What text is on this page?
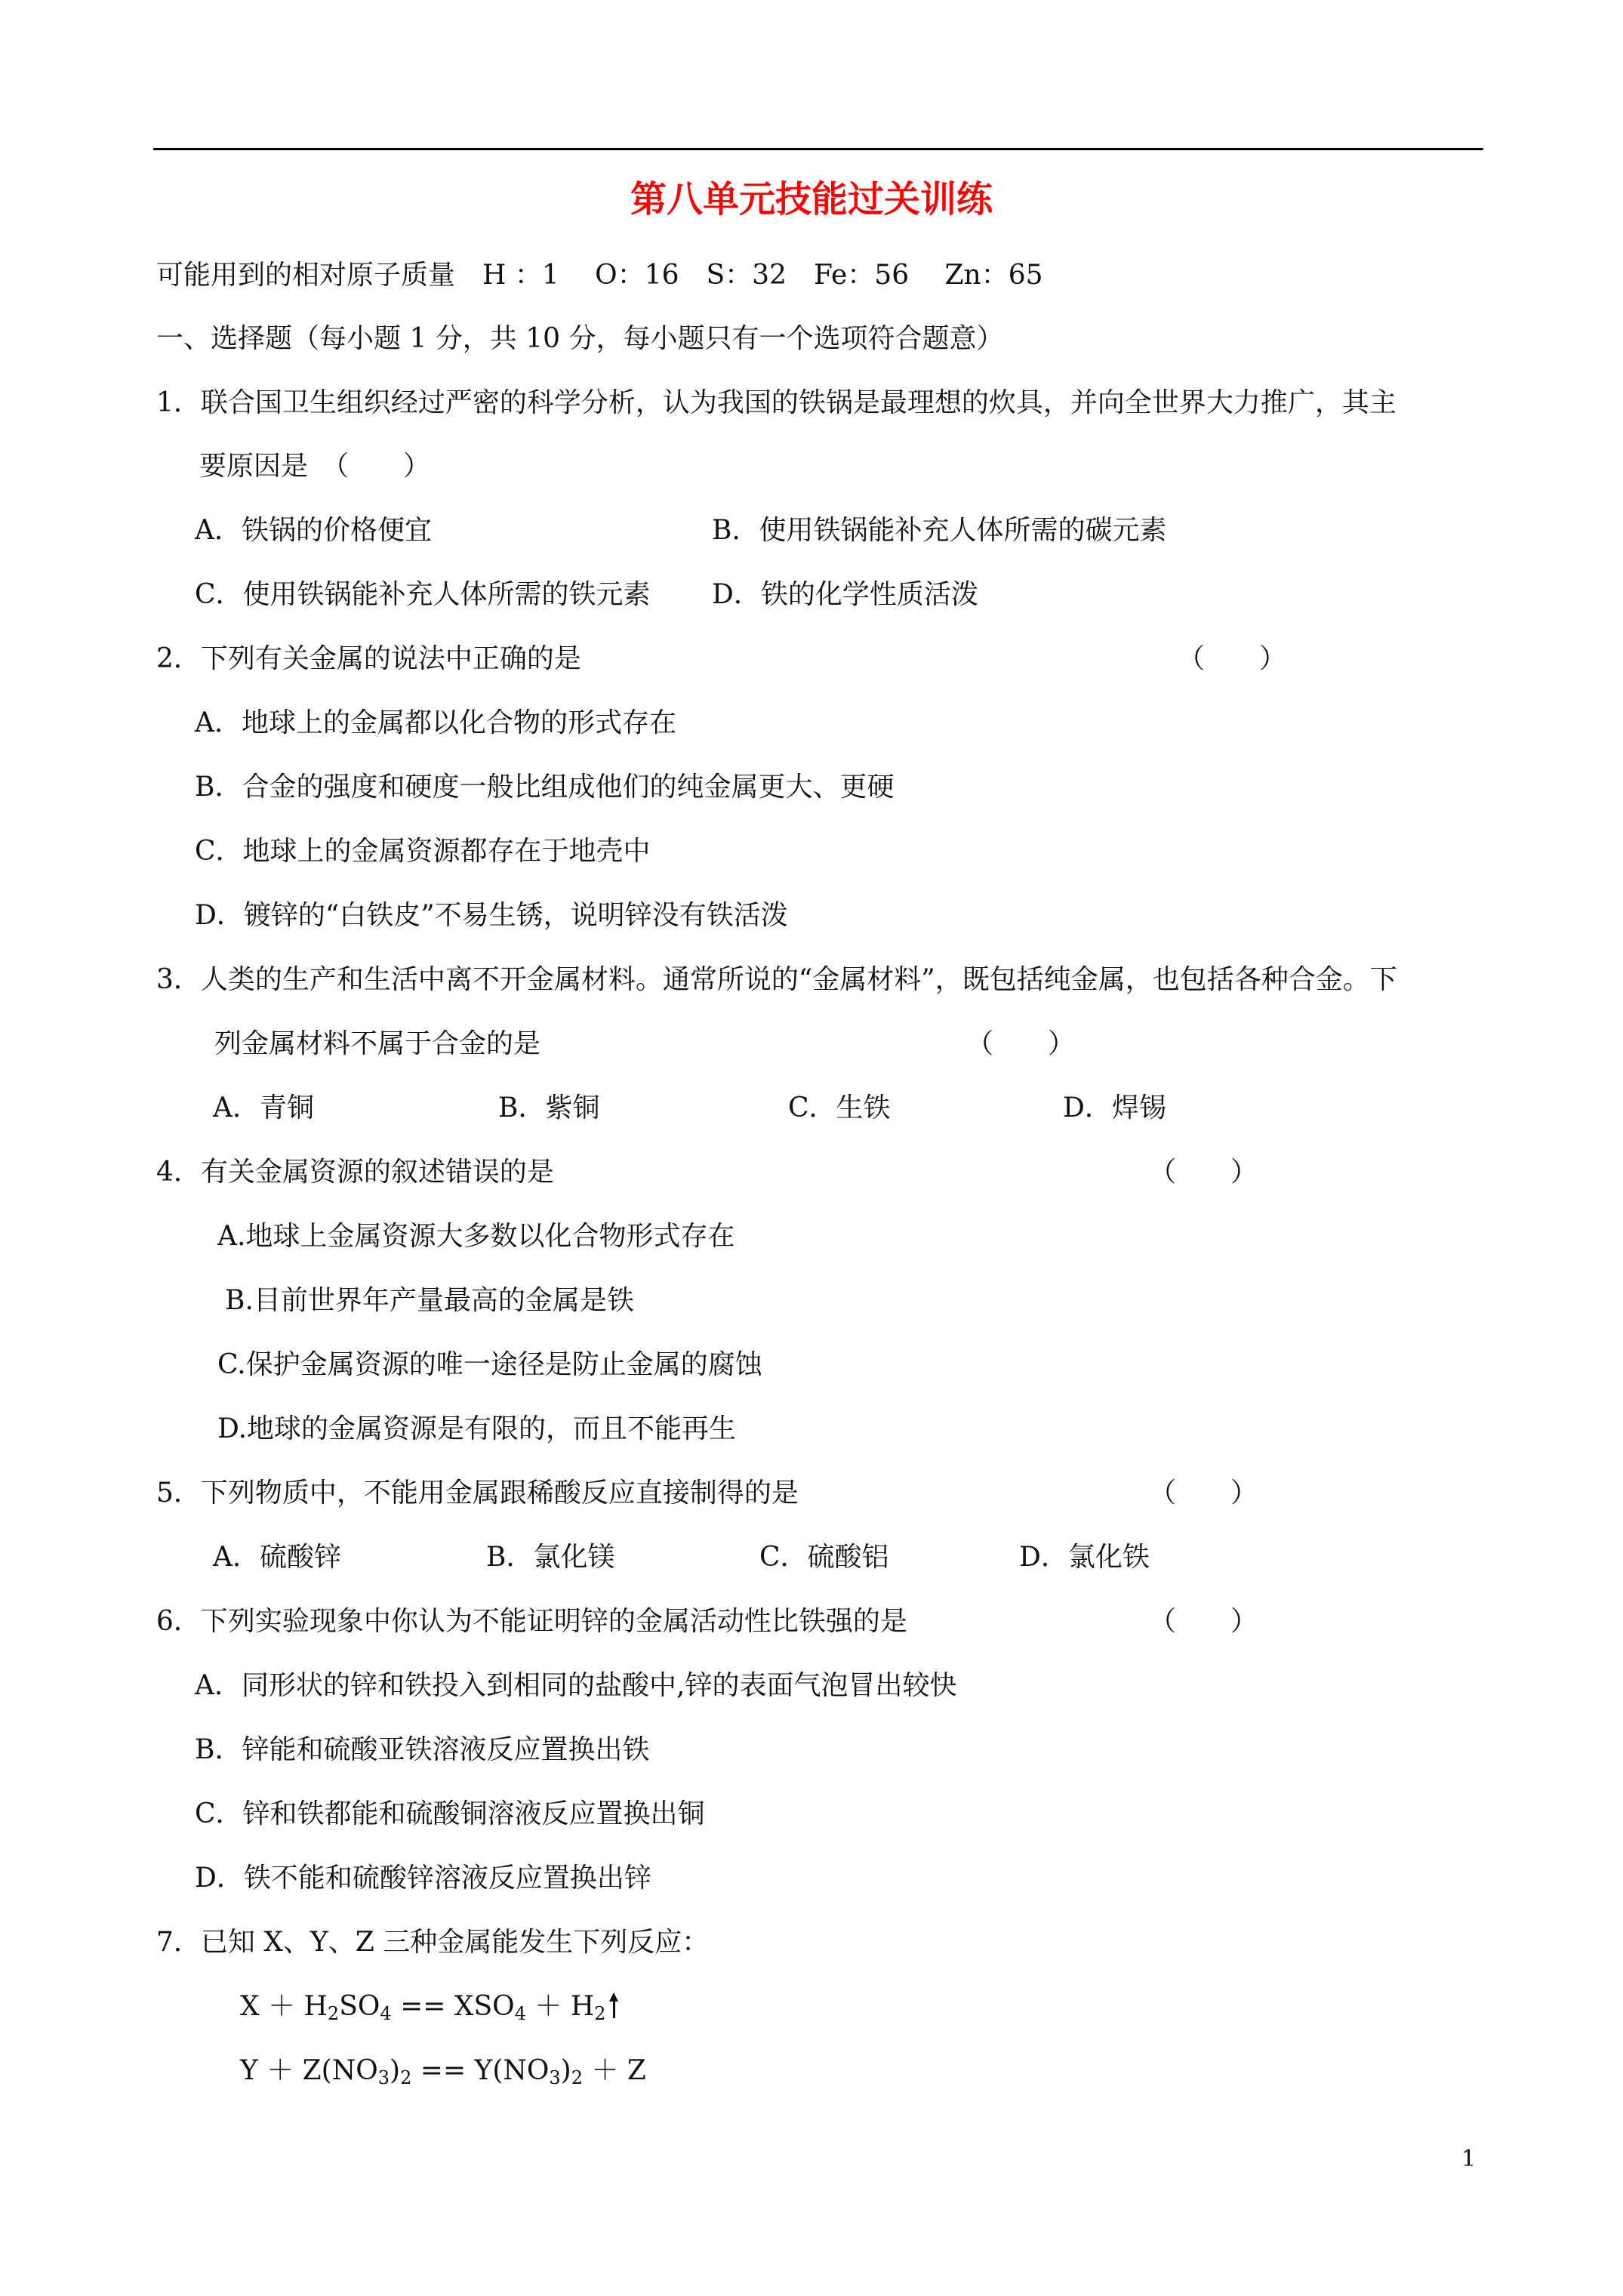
第八单元技能过关训练
可能用到的相对原子质量　H ：1　 O：16　S：32　Fe：56　 Zn：65
一、选择题（每小题 1 分，共 10 分，每小题只有一个选项符合题意）
1．联合国卫生组织经过严密的科学分析，认为我国的铁锅是最理想的炊具，并向全世界大力推广，其主
要原因是　（　　）
A．铁锅的价格便宜	B．使用铁锅能补充人体所需的碳元素
C．使用铁锅能补充人体所需的铁元素 D．铁的化学性质活泼
2．下列有关金属的说法中正确的是	（　　）
A．地球上的金属都以化合物的形式存在
B．合金的强度和硬度一般比组成他们的纯金属更大、更硬
C．地球上的金属资源都存在于地壳中
D．镀锌的“白铁皮”不易生锈，说明锌没有铁活泼
3．人类的生产和生活中离不开金属材料。通常所说的“金属材料”，既包括纯金属，也包括各种合金。下
列金属材料不属于合金的是	（　　）
A．青铜	B．紫铜	C．生铁	D．焊锡
4．有关金属资源的叙述错误的是	（　　）
A.地球上金属资源大多数以化合物形式存在
B.目前世界年产量最高的金属是铁
C.保护金属资源的唯一途径是防止金属的腐蚀
D.地球的金属资源是有限的，而且不能再生
5．下列物质中，不能用金属跟稀酸反应直接制得的是	（　　）
A．硫酸锌	B．氯化镁	C．硫酸铝	D．氯化铁
6．下列实验现象中你认为不能证明锌的金属活动性比铁强的是	（　　）
A．同形状的锌和铁投入到相同的盐酸中,锌的表面气泡冒出较快
B．锌能和硫酸亚铁溶液反应置换出铁
C．锌和铁都能和硫酸铜溶液反应置换出铜
D．铁不能和硫酸锌溶液反应置换出锌
7．已知 X、Y、Z 三种金属能发生下列反应：
$X + H_2SO_4 == XSO_4 + H_2$
$Y + Z(NO_3)_2 == Y(NO_3)_2 + Z$
1
